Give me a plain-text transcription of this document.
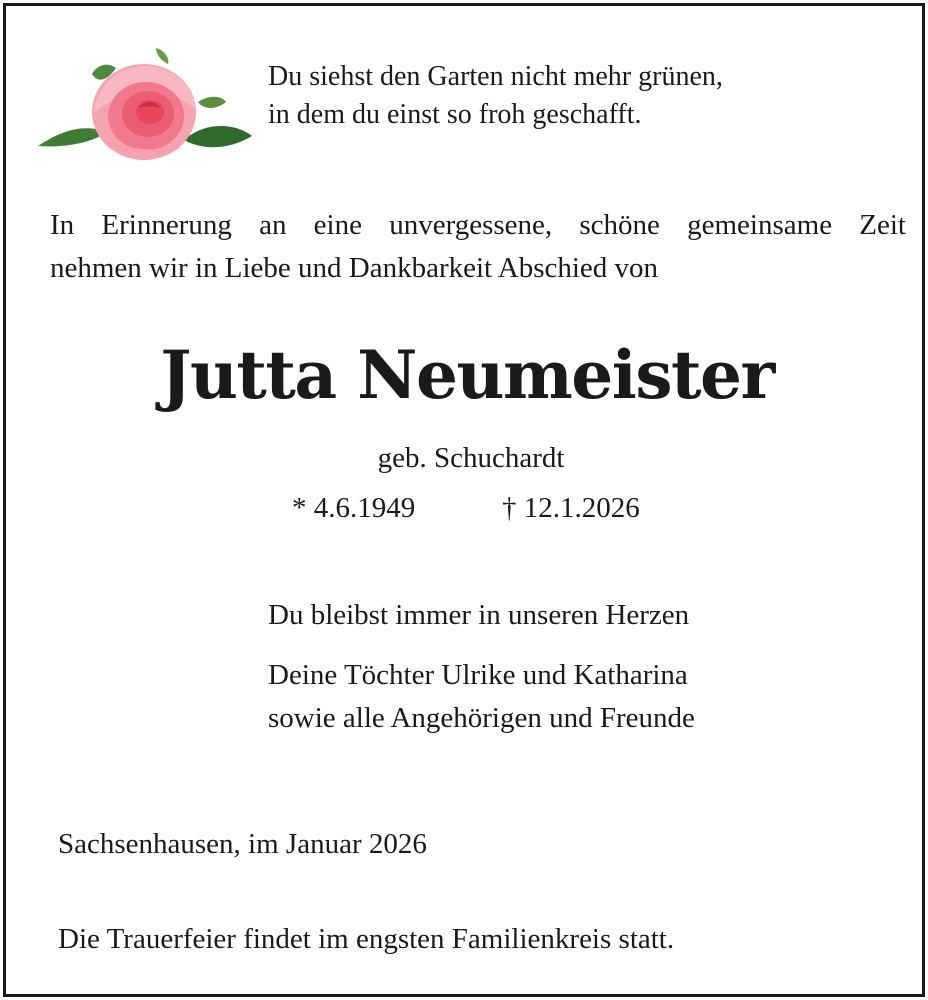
Du siehst den Garten nicht mehr grünen,
in dem du einst so froh geschafft.
In Erinnerung an eine unvergessene, schöne gemeinsame Zeit
nehmen wir in Liebe und Dankbarkeit Abschied von
Jutta Neumeister
geb. Schuchardt
* 4.6.1949	† 12.1.2026
Du bleibst immer in unseren Herzen
Deine Töchter Ulrike und Katharina
sowie alle Angehörigen und Freunde
Sachsenhausen, im Januar 2026
Die Trauerfeier findet im engsten Familienkreis statt.
